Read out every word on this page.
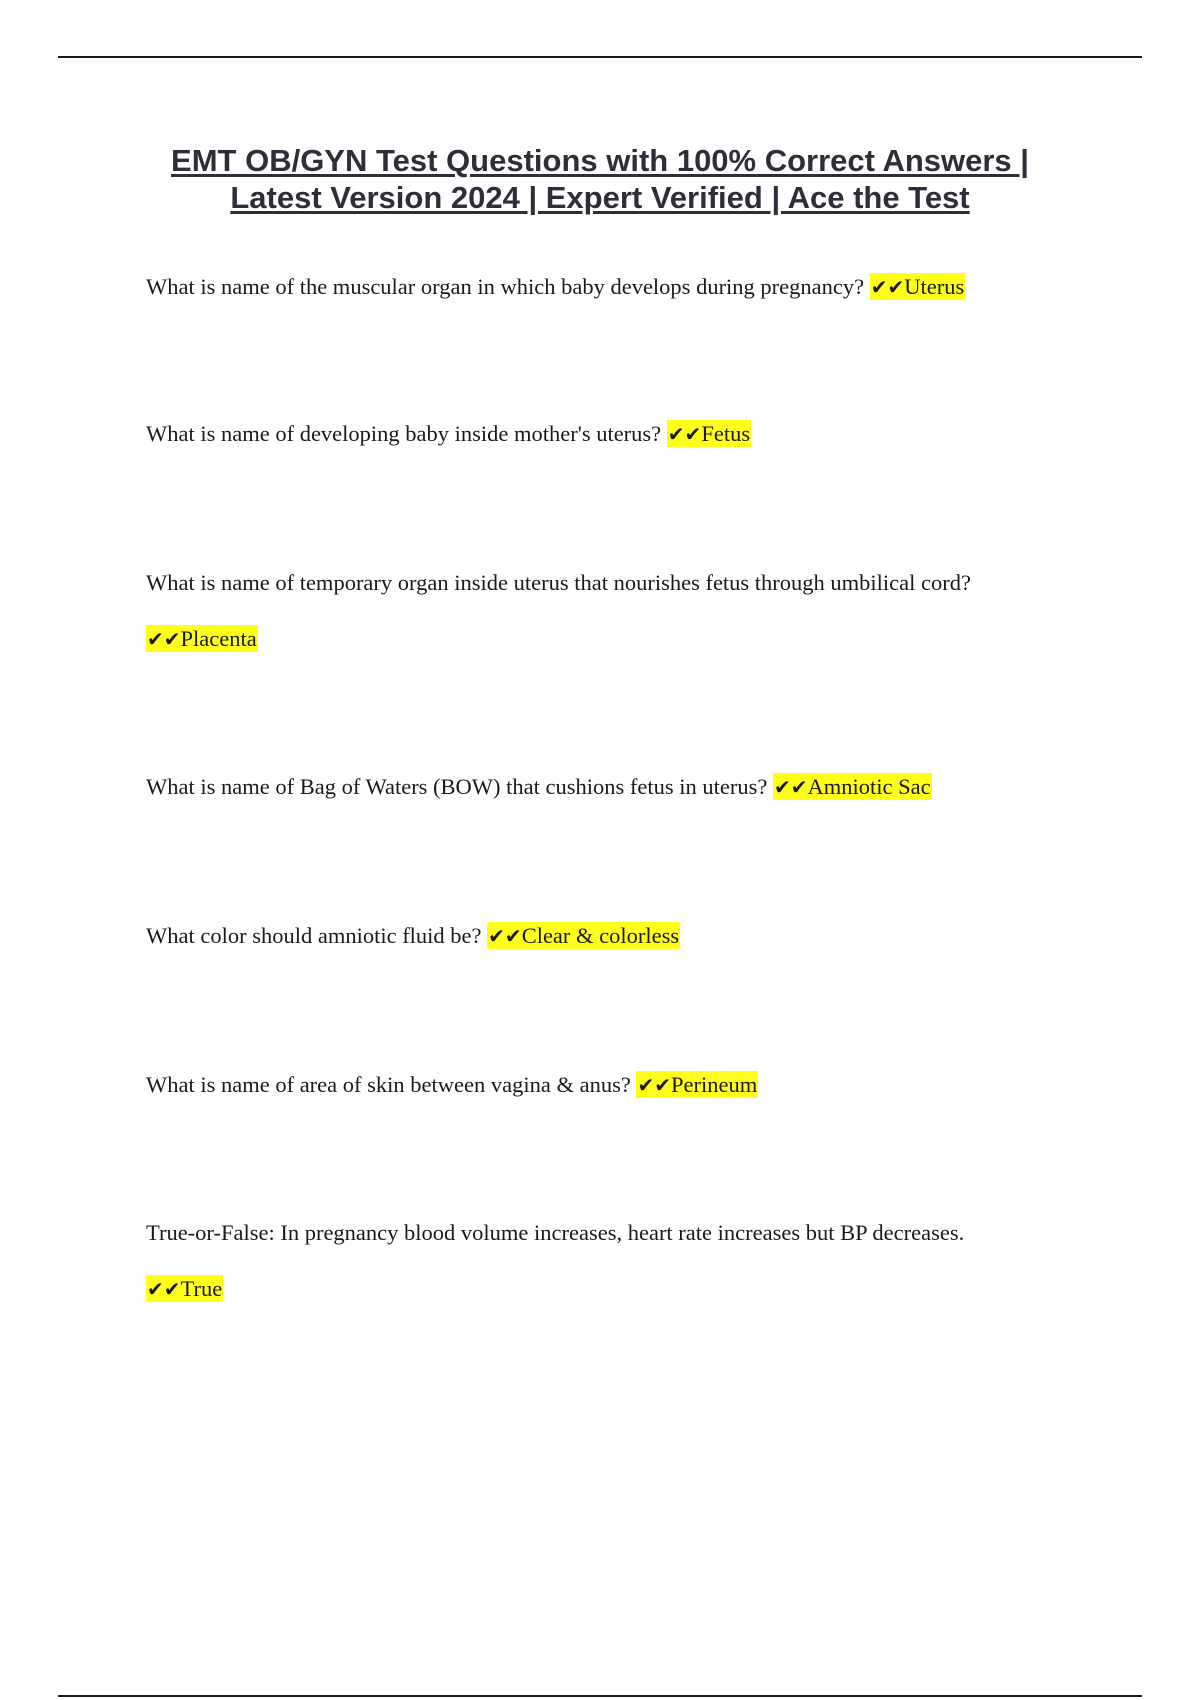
EMT OB/GYN Test Questions with 100% Correct Answers |
Latest Version 2024 | Expert Verified | Ace the Test
What is name of the muscular organ in which baby develops during pregnancy? ✔✔Uterus
What is name of developing baby inside mother's uterus? ✔✔Fetus
What is name of temporary organ inside uterus that nourishes fetus through umbilical cord?
✔✔Placenta
What is name of Bag of Waters (BOW) that cushions fetus in uterus? ✔✔Amniotic Sac
What color should amniotic fluid be? ✔✔Clear & colorless
What is name of area of skin between vagina & anus? ✔✔Perineum
True-or-False: In pregnancy blood volume increases, heart rate increases but BP decreases.
✔✔True
